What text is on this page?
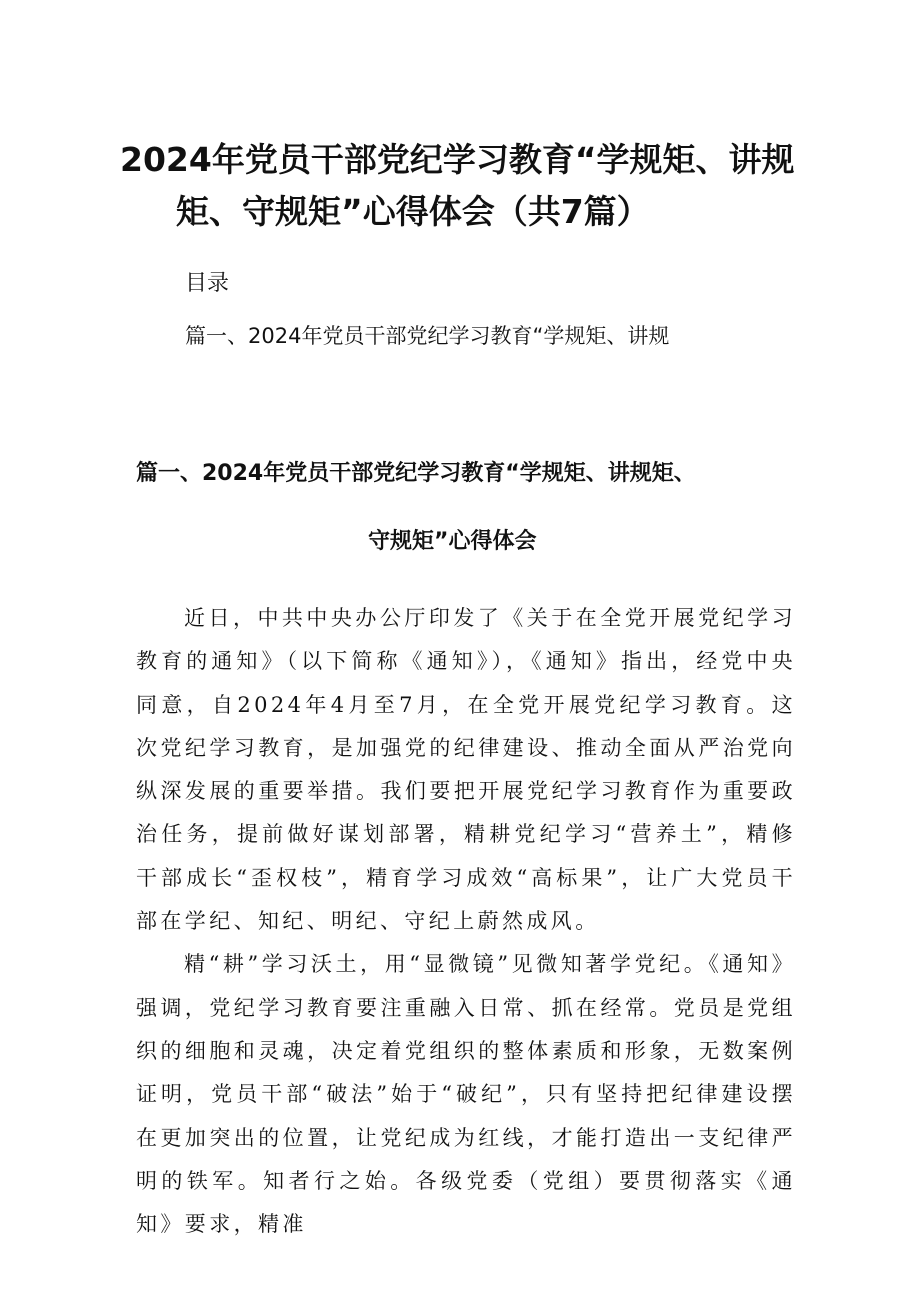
2024年党员干部党纪学习教育“学规矩、讲规
矩、守规矩”心得体会（共7篇）
目录
篇一、2024年党员干部党纪学习教育“学规矩、讲规
篇一、2024年党员干部党纪学习教育“学规矩、讲规矩、
守规矩”心得体会

近日，中共中央办公厅印发了《关于在全党开展党纪学习教育的通知》（以下简称《通知》），《通知》指出，经党中央同意，自2024年4月至7月，在全党开展党纪学习教育。这次党纪学习教育，是加强党的纪律建设、推动全面从严治党向纵深发展的重要举措。我们要把开展党纪学习教育作为重要政治任务，提前做好谋划部署，精耕党纪学习“营养土”，精修干部成长“歪权枝”，精育学习成效“高标果”，让广大党员干部在学纪、知纪、明纪、守纪上蔚然成风。

精“耕”学习沃土，用“显微镜”见微知著学党纪。《通知》强调，党纪学习教育要注重融入日常、抓在经常。党员是党组织的细胞和灵魂，决定着党组织的整体素质和形象，无数案例证明，党员干部“破法”始于“破纪”，只有坚持把纪律建设摆在更加突出的位置，让党纪成为红线，才能打造出一支纪律严明的铁军。知者行之始。各级党委（党组）要贯彻落实《通知》要求，精准
